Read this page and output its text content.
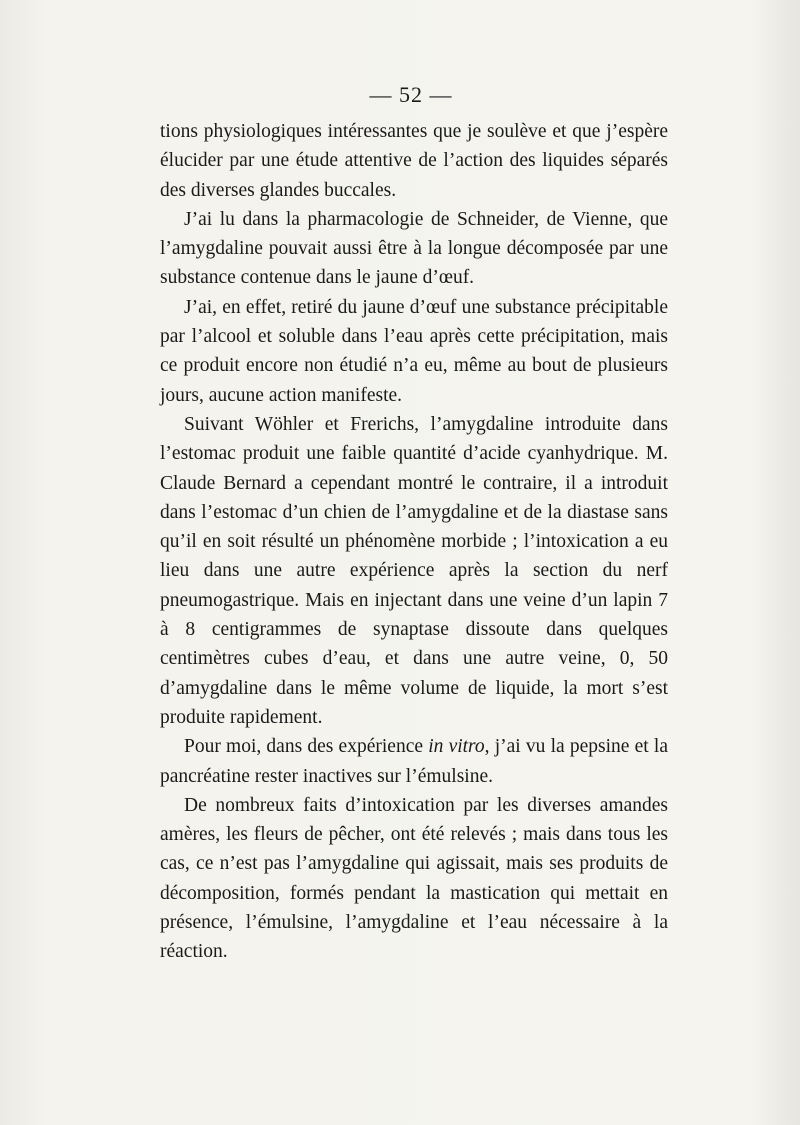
— 52 —

tions physiologiques intéressantes que je soulève et que j’espère élucider par une étude attentive de l’action des liquides séparés des diverses glandes buccales.

J’ai lu dans la pharmacologie de Schneider, de Vienne, que l’amygdaline pouvait aussi être à la longue décomposée par une substance contenue dans le jaune d’œuf.

J’ai, en effet, retiré du jaune d’œuf une substance précipitable par l’alcool et soluble dans l’eau après cette précipitation, mais ce produit encore non étudié n’a eu, même au bout de plusieurs jours, aucune action manifeste.

Suivant Wöhler et Frerichs, l’amygdaline introduite dans l’estomac produit une faible quantité d’acide cyanhydrique. M. Claude Bernard a cependant montré le contraire, il a introduit dans l’estomac d’un chien de l’amygdaline et de la diastase sans qu’il en soit résulté un phénomène morbide ; l’intoxication a eu lieu dans une autre expérience après la section du nerf pneumogastrique. Mais en injectant dans une veine d’un lapin 7 à 8 centigrammes de synaptase dissoute dans quelques centimètres cubes d’eau, et dans une autre veine, 0, 50 d’amygdaline dans le même volume de liquide, la mort s’est produite rapidement.

Pour moi, dans des expérience in vitro, j’ai vu la pepsine et la pancréatine rester inactives sur l’émulsine.

De nombreux faits d’intoxication par les diverses amandes amères, les fleurs de pêcher, ont été relevés ; mais dans tous les cas, ce n’est pas l’amygdaline qui agissait, mais ses produits de décomposition, formés pendant la mastication qui mettait en présence, l’émulsine, l’amygdaline et l’eau nécessaire à la réaction.
